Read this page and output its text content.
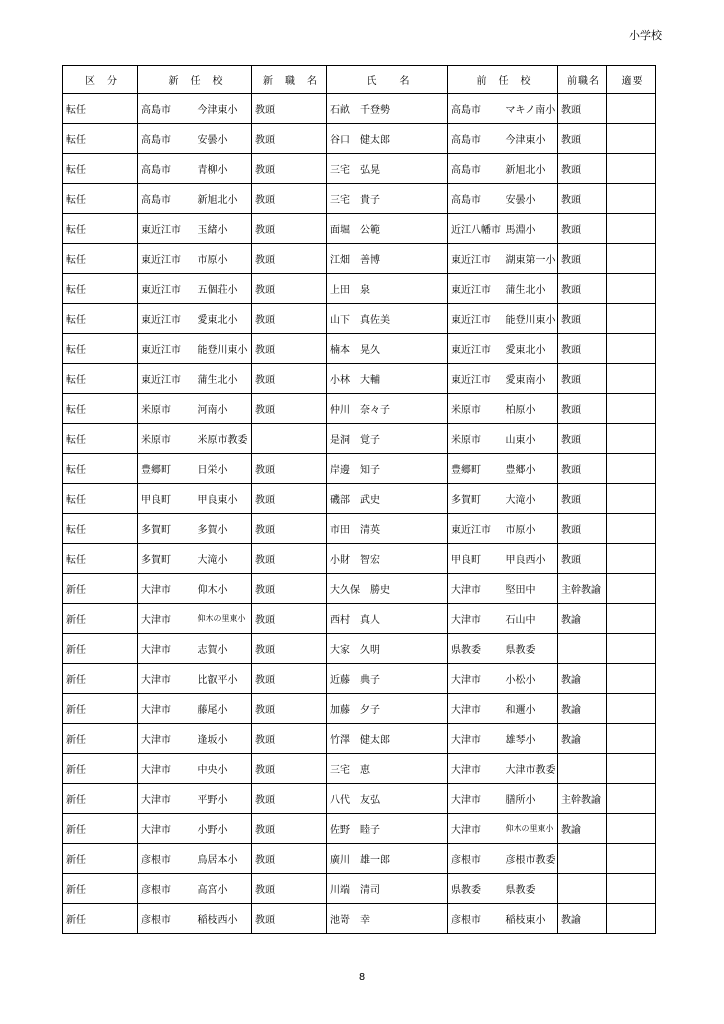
小学校
区　分	新　任　校		新　職　名	氏　　名	前　任　校		前職名	適要
転任	高島市	今津東小	教頭	石畝　千登勢	高島市	マキノ南小	教頭	
転任	高島市	安曇小	教頭	谷口　健太郎	高島市	今津東小	教頭	
転任	高島市	青柳小	教頭	三宅　弘晃	高島市	新旭北小	教頭	
転任	高島市	新旭北小	教頭	三宅　貴子	高島市	安曇小	教頭	
転任	東近江市	玉緒小	教頭	面堀　公範	近江八幡市	馬淵小	教頭	
転任	東近江市	市原小	教頭	江畑　善博	東近江市	湖東第一小	教頭	
転任	東近江市	五個荘小	教頭	上田　泉	東近江市	蒲生北小	教頭	
転任	東近江市	愛東北小	教頭	山下　真佐美	東近江市	能登川東小	教頭	
転任	東近江市	能登川東小	教頭	楠本　晃久	東近江市	愛東北小	教頭	
転任	東近江市	蒲生北小	教頭	小林　大輔	東近江市	愛東南小	教頭	
転任	米原市	河南小	教頭	仲川　奈々子	米原市	柏原小	教頭	
転任	米原市	米原市教委		是洞　覚子	米原市	山東小	教頭	
転任	豊郷町	日栄小	教頭	岸邊　知子	豊郷町	豊郷小	教頭	
転任	甲良町	甲良東小	教頭	磯部　武史	多賀町	大滝小	教頭	
転任	多賀町	多賀小	教頭	市田　清英	東近江市	市原小	教頭	
転任	多賀町	大滝小	教頭	小財　智宏	甲良町	甲良西小	教頭	
新任	大津市	仰木小	教頭	大久保　勝史	大津市	堅田中	主幹教諭	
新任	大津市	仰木の里東小	教頭	西村　真人	大津市	石山中	教諭	
新任	大津市	志賀小	教頭	大家　久明	県教委	県教委		
新任	大津市	比叡平小	教頭	近藤　典子	大津市	小松小	教諭	
新任	大津市	藤尾小	教頭	加藤　夕子	大津市	和邇小	教諭	
新任	大津市	逢坂小	教頭	竹澤　健太郎	大津市	雄琴小	教諭	
新任	大津市	中央小	教頭	三宅　恵	大津市	大津市教委		
新任	大津市	平野小	教頭	八代　友弘	大津市	膳所小	主幹教諭	
新任	大津市	小野小	教頭	佐野　睦子	大津市	仰木の里東小	教諭	
新任	彦根市	鳥居本小	教頭	廣川　雄一郎	彦根市	彦根市教委		
新任	彦根市	高宮小	教頭	川端　清司	県教委	県教委		
新任	彦根市	稲枝西小	教頭	池嵜　幸	彦根市	稲枝東小	教諭	
8
